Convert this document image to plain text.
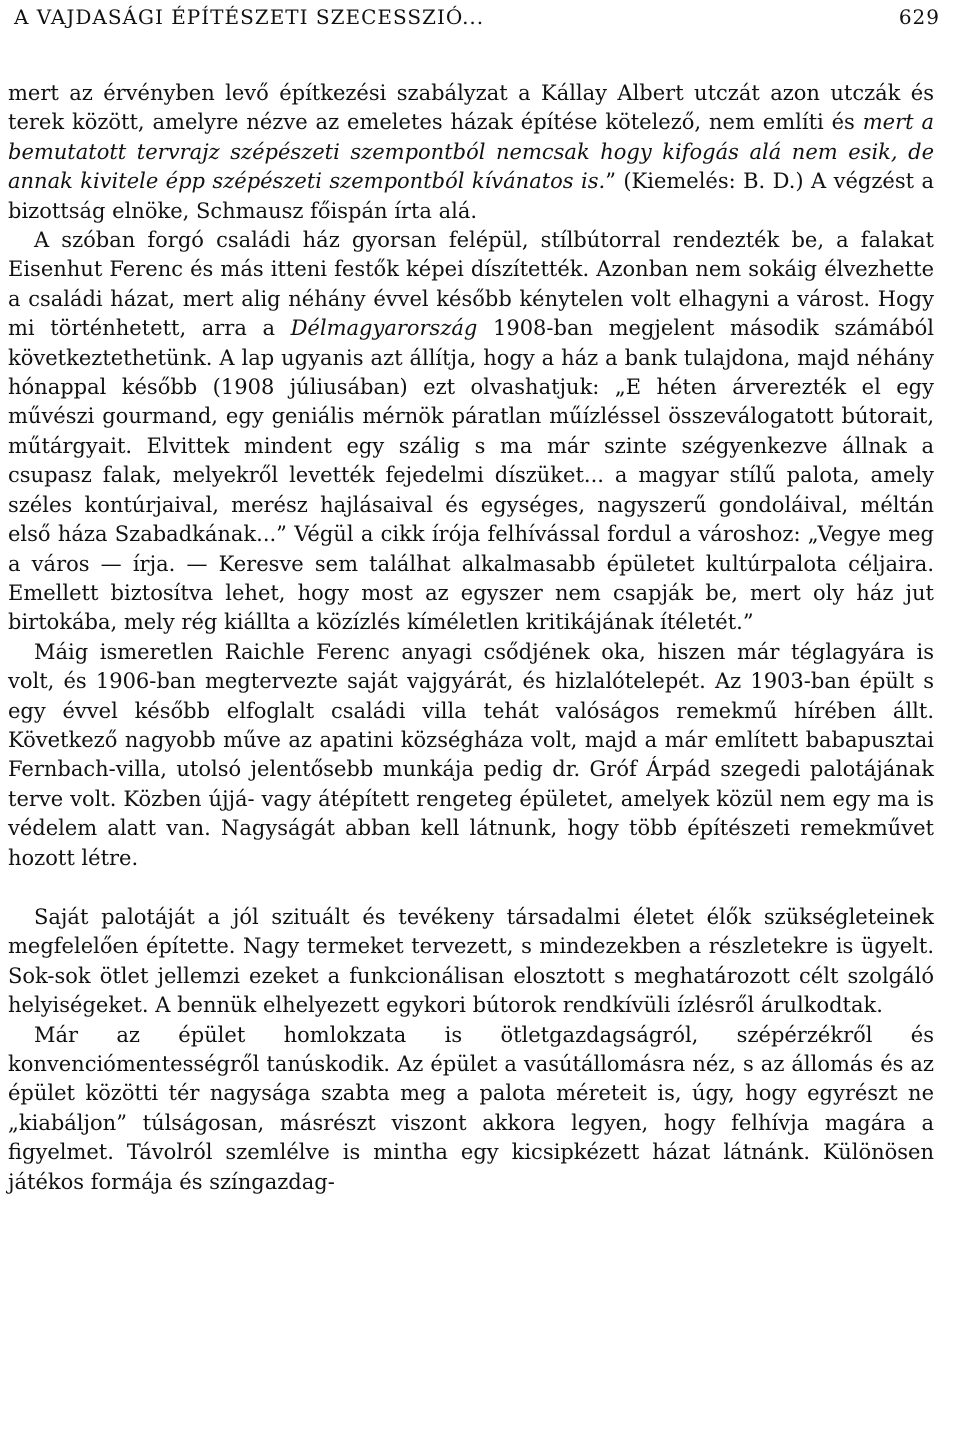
A VAJDASÁGI ÉPÍTÉSZETI SZECESSZIÓ...	629

mert az érvényben levő építkezési szabályzat a Kállay Albert utczát azon utczák és terek között, amelyre nézve az emeletes házak építése kötelező, nem említi és mert a bemutatott tervrajz szépészeti szempontból nemcsak hogy kifogás alá nem esik, de annak kivitele épp szépészeti szempontból kívánatos is.” (Kiemelés: B. D.) A végzést a bizottság elnöke, Schmausz főispán írta alá.

A szóban forgó családi ház gyorsan felépül, stílbútorral rendezték be, a falakat Eisenhut Ferenc és más itteni festők képei díszítették. Azonban nem sokáig élvezhette a családi házat, mert alig néhány évvel később kénytelen volt elhagyni a várost. Hogy mi történhetett, arra a Délmagyarország 1908-ban megjelent második számából következtethetünk. A lap ugyanis azt állítja, hogy a ház a bank tulajdona, majd néhány hónappal később (1908 júliusában) ezt olvashatjuk: „E héten árverezték el egy művészi gourmand, egy geniális mérnök páratlan műízléssel összeválogatott bútorait, műtárgyait. Elvittek mindent egy szálig s ma már szinte szégyenkezve állnak a csupasz falak, melyekről levették fejedelmi díszüket... a magyar stílű palota, amely széles kontúrjaival, merész hajlásaival és egységes, nagyszerű gondoláival, méltán első háza Szabadkának...” Végül a cikk írója felhívással fordul a városhoz: „Vegye meg a város — írja. — Keresve sem találhat alkalmasabb épületet kultúrpalota céljaira. Emellett biztosítva lehet, hogy most az egyszer nem csapják be, mert oly ház jut birtokába, mely rég kiállta a közízlés kíméletlen kritikájának ítéletét.”

Máig ismeretlen Raichle Ferenc anyagi csődjének oka, hiszen már téglagyára is volt, és 1906-ban megtervezte saját vajgyárát, és hizlalótelepét. Az 1903-ban épült s egy évvel később elfoglalt családi villa tehát valóságos remekmű hírében állt. Következő nagyobb műve az apatini községháza volt, majd a már említett babapusztai Fernbach-villa, utolsó jelentősebb munkája pedig dr. Gróf Árpád szegedi palotájának terve volt. Közben újjá- vagy átépített rengeteg épületet, amelyek közül nem egy ma is védelem alatt van. Nagyságát abban kell látnunk, hogy több építészeti remekművet hozott létre.

Saját palotáját a jól szituált és tevékeny társadalmi életet élők szükségleteinek megfelelően építette. Nagy termeket tervezett, s mindezekben a részletekre is ügyelt. Sok-sok ötlet jellemzi ezeket a funkcionálisan elosztott s meghatározott célt szolgáló helyiségeket. A bennük elhelyezett egykori bútorok rendkívüli ízlésről árulkodtak.

Már az épület homlokzata is ötletgazdagságról, szépérzékről és konvenciómentességről tanúskodik. Az épület a vasútállomásra néz, s az állomás és az épület közötti tér nagysága szabta meg a palota méreteit is, úgy, hogy egyrészt ne „kiabáljon” túlságosan, másrészt viszont akkora legyen, hogy felhívja magára a figyelmet. Távolról szemlélve is mintha egy kicsipkézett házat látnánk. Különösen játékos formája és színgazdag-
